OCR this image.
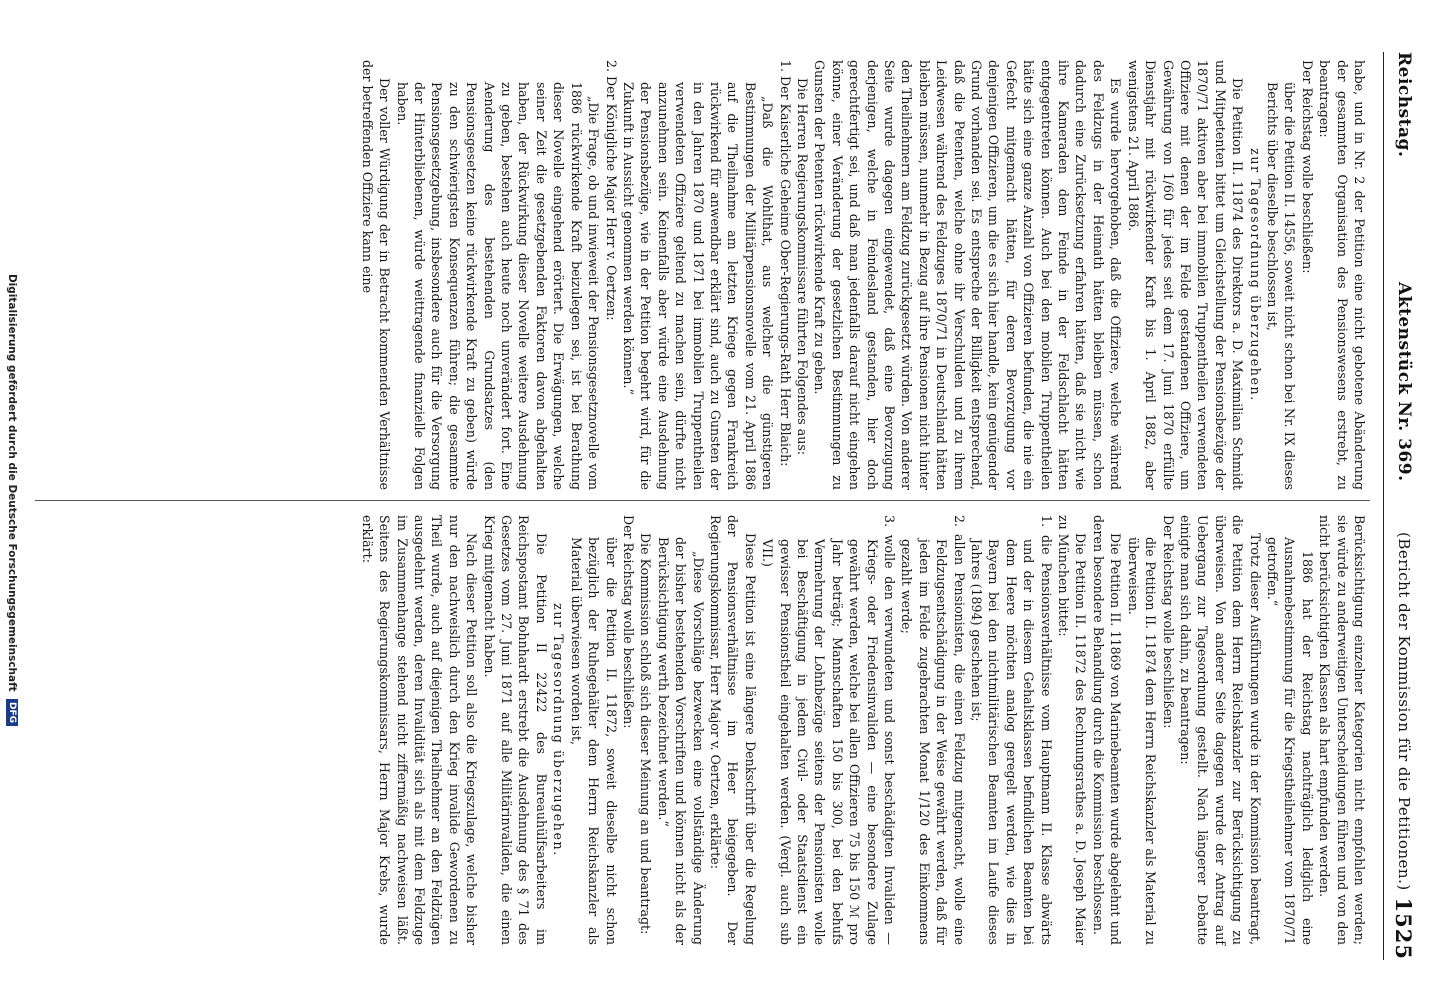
Reichstag.
Aktenstück Nr. 369.
(Bericht der Kommission für die Petitionen.)
1525

habe, und in Nr. 2 der Petition eine nicht gebotene Abänderung der gesammten Organisation des Pensionswesens erstrebt, zu beantragen:

Der Reichstag wolle beschließen:

über die Petition II. 14556, soweit nicht schon bei Nr. IX dieses Berichts über dieselbe beschlossen ist,

zur Tagesordnung überzugehen.

Die Petition II. 11874 des Direktors a. D. Maximilian Schmidt und Mitpetenten bittet um Gleichstellung der Pensionsbezüge der 1870/71 aktiven aber bei immobilen Truppentheilen verwendeten Offiziere mit denen der im Felde gestandenen Offiziere, um Gewährung von 1/60 für jedes seit dem 17. Juni 1870 erfüllte Dienstjahr mit rückwirkender Kraft bis 1. April 1882, aber wenigstens 21. April 1886.

Es wurde hervorgehoben, daß die Offiziere, welche während des Feldzugs in der Heimath hätten bleiben müssen, schon dadurch eine Zurücksetzung erfahren hätten, daß sie nicht wie ihre Kameraden dem Feinde in der Feldschlacht hätten entgegentreten können. Auch bei den mobilen Truppentheilen hätte sich eine ganze Anzahl von Offizieren befunden, die nie ein Gefecht mitgemacht hätten, für deren Bevorzugung vor denjenigen Offizieren, um die es sich hier handle, kein genügender Grund vorhanden sei. Es entspreche der Billigkeit entsprechend, daß die Petenten, welche ohne ihr Verschulden und zu ihrem Leidwesen während des Feldzuges 1870/71 in Deutschland hätten bleiben müssen, nunmehr in Bezug auf ihre Pensionen nicht hinter den Theilnehmern am Feldzug zurückgesetzt würden. Von anderer Seite wurde dagegen eingewendet, daß eine Bevorzugung derjenigen, welche in Feindesland gestanden, hier doch gerechtfertigt sei, und daß man jedenfalls darauf nicht eingehen könne, einer Veränderung der gesetzlichen Bestimmungen zu Gunsten der Petenten rückwirkende Kraft zu geben.

Die Herren Regierungskommissare führten Folgendes aus:

1. Der Kaiserliche Geheime Ober-Regierungs-Rath Herr Blaich:

„Daß die Wohlthat, aus welcher die günstigeren Bestimmungen der Militärpensionsnovelle vom 21. April 1886 auf die Theilnahme am letzten Kriege gegen Frankreich rückwirkend für anwendbar erklärt sind, auch zu Gunsten der in den Jahren 1870 und 1871 bei immobilen Truppentheilen verwendeten Offiziere geltend zu machen sein, dürfte nicht anzunehmen sein. Keinenfalls aber würde eine Ausdehnung der Pensionsbezüge, wie in der Petition begehrt wird, für die Zukunft in Aussicht genommen werden können.“

2. Der Königliche Major Herr v. Oertzen:

„Die Frage, ob und inwieweit der Pensionsgesetznovelle vom 1886 rückwirkende Kraft beizulegen sei, ist bei Berathung dieser Novelle eingehend erörtert. Die Erwägungen, welche seiner Zeit die gesetzgebenden Faktoren davon abgehalten haben, der Rückwirkung dieser Novelle weitere Ausdehnung zu geben, bestehen auch heute noch unverändert fort. Eine Aenderung des bestehenden Grundsatzes (den Pensionsgesetzen keine rückwirkende Kraft zu geben) würde zu den schwierigsten Konsequenzen führen; die gesammte Pensionsgesetzgebung, insbesondere auch für die Versorgung der Hinterbliebenen, würde weittragende finanzielle Folgen haben.

Der voller Würdigung der in Betracht kommenden Verhältnisse der betreffenden Offiziere kann eine

Berücksichtigung einzelner Kategorien nicht empfohlen werden; sie würde zu anderweitigen Unterscheidungen führen und von den nicht berücksichtigten Klassen als hart empfunden werden.

1886 hat der Reichstag nachträglich lediglich eine Ausnahmebestimmung für die Kriegstheilnehmer vom 1870/71 getroffen.“

Trotz dieser Ausführungen wurde in der Kommission beantragt, die Petition dem Herrn Reichskanzler zur Berücksichtigung zu überweisen. Von anderer Seite dagegen wurde der Antrag auf Uebergang zur Tagesordnung gestellt. Nach längerer Debatte einigte man sich dahin, zu beantragen:

Der Reichstag wolle beschließen:

die Petition II. 11874 dem Herrn Reichskanzler als Material zu überweisen.

Die Petition II. 11869 von Marinebeamten wurde abgelehnt und deren besondere Behandlung durch die Kommission beschlossen.

Die Petition II. 11872 des Rechnungsrathes a. D. Joseph Maier zu München bittet:

1. die Pensionsverhältnisse vom Hauptmann II. Klasse abwärts und der in diesem Gehaltsklassen befindlichen Beamten bei dem Heere möchten analog geregelt werden, wie dies in Bayern bei den nichtmilitärischen Beamten im Laufe dieses Jahres (1894) geschehen ist;

2. allen Pensionisten, die einen Feldzug mitgemacht, wolle eine Feldzugsentschädigung in der Weise gewährt werden, daß für jeden im Felde zugebrachten Monat 1/120 des Einkommens gezahlt werde;

3. wolle den verwundeten und sonst beschädigten Invaliden — Kriegs- oder Friedensinvaliden — eine besondere Zulage gewährt werden, welche bei allen Offizieren 75 bis 150 ℳ pro Jahr beträgt; Mannschaften 150 bis 300, bei den behufs Vermehrung der Lohnbezüge seitens der Pensionisten wolle bei Beschäftigung in jedem Civil- oder Staatsdienst ein gewisser Pensionstheil eingehalten werden. (Vergl. auch sub VII.)

Diese Petition ist eine längere Denkschrift über die Regelung der Pensionsverhältnisse im Heer beigegeben. Der Regierungskommissar, Herr Major v. Oertzen, erklärte:

„Diese Vorschläge bezwecken eine vollständige Änderung der bisher bestehenden Vorschriften und können nicht als der Berücksichtigung werth bezeichnet werden.“

Die Kommission schloß sich dieser Meinung an und beantragt:

Der Reichstag wolle beschließen:

über die Petition II. 11872, soweit dieselbe nicht schon bezüglich der Ruhegehälter dem Herrn Reichskanzler als Material überwiesen worden ist,

zur Tagesordnung überzugehen.

Die Petition II 22422 des Bureauhülfsarbeiters im Reichspostamt Bohnhardt erstrebt die Ausdehnung des § 71 des Gesetzes vom 27. Juni 1871 auf alle Militärinvaliden, die einen Krieg mitgemacht haben.

Nach dieser Petition soll also die Kriegszulage, welche bisher nur den nachweislich durch den Krieg invalide Gewordenen zu Theil wurde, auch auf diejenigen Theilnehmer an den Feldzügen ausgedehnt werden, deren Invalidität sich als mit dem Feldzuge im Zusammenhange stehend nicht ziffermäßig nachweisen läßt. Seitens des Regierungskommissars, Herrn Major Krebs, wurde erklärt:

Digitalisierung gefördert durch die Deutsche Forschungsgemeinschaft DFG
